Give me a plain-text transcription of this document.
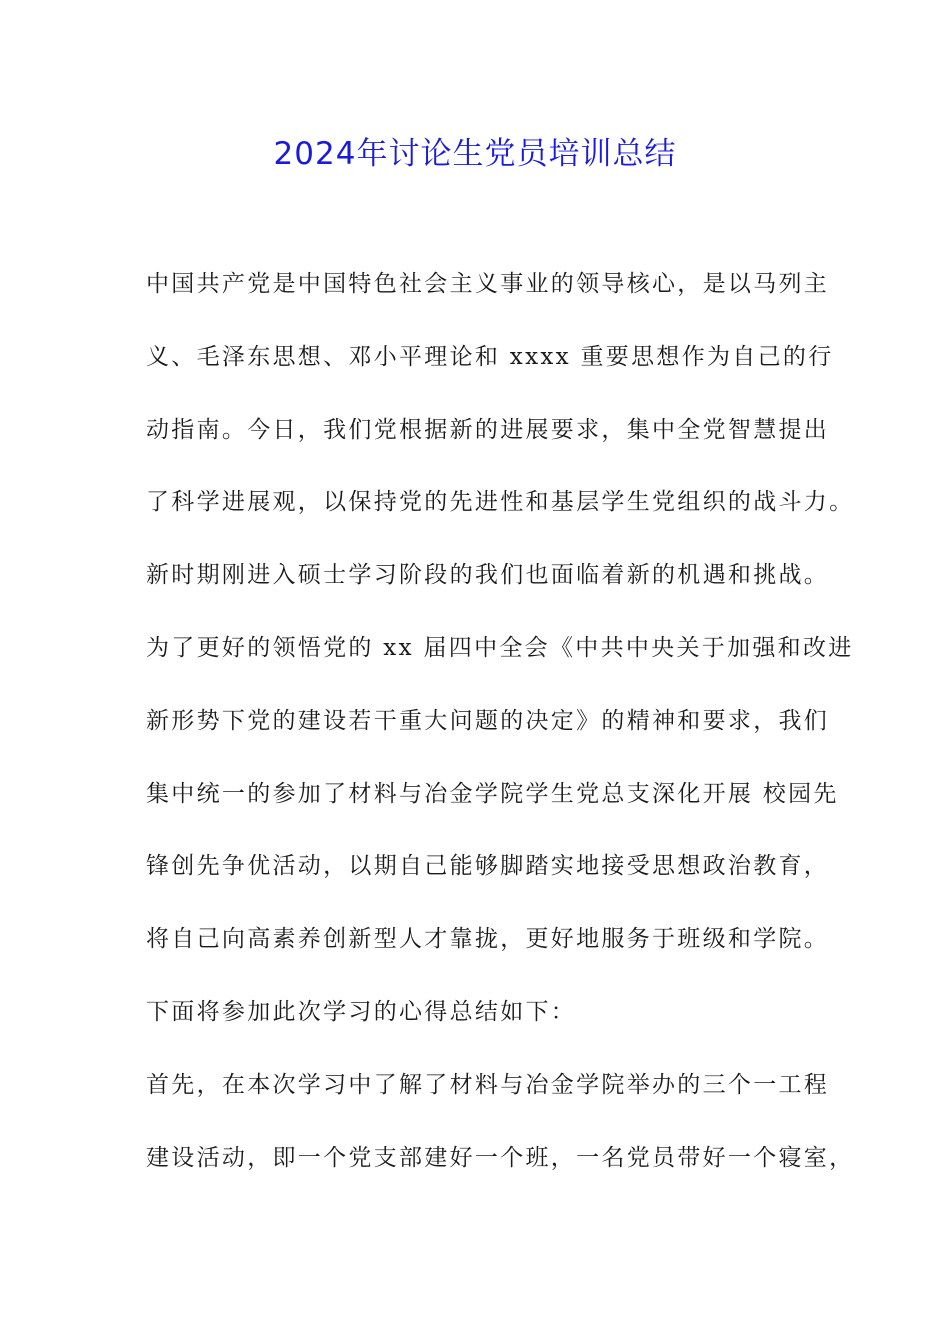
2024年讨论生党员培训总结

中国共产党是中国特色社会主义事业的领导核心，是以马列主

义、毛泽东思想、邓小平理论和 xxxx 重要思想作为自己的行

动指南。今日，我们党根据新的进展要求，集中全党智慧提出

了科学进展观，以保持党的先进性和基层学生党组织的战斗力。

新时期刚进入硕士学习阶段的我们也面临着新的机遇和挑战。

为了更好的领悟党的 xx 届四中全会《中共中央关于加强和改进

新形势下党的建设若干重大问题的决定》的精神和要求，我们

集中统一的参加了材料与冶金学院学生党总支深化开展 校园先

锋创先争优活动，以期自己能够脚踏实地接受思想政治教育，

将自己向高素养创新型人才靠拢，更好地服务于班级和学院。

下面将参加此次学习的心得总结如下：

首先，在本次学习中了解了材料与冶金学院举办的三个一工程

建设活动，即一个党支部建好一个班，一名党员带好一个寝室，
